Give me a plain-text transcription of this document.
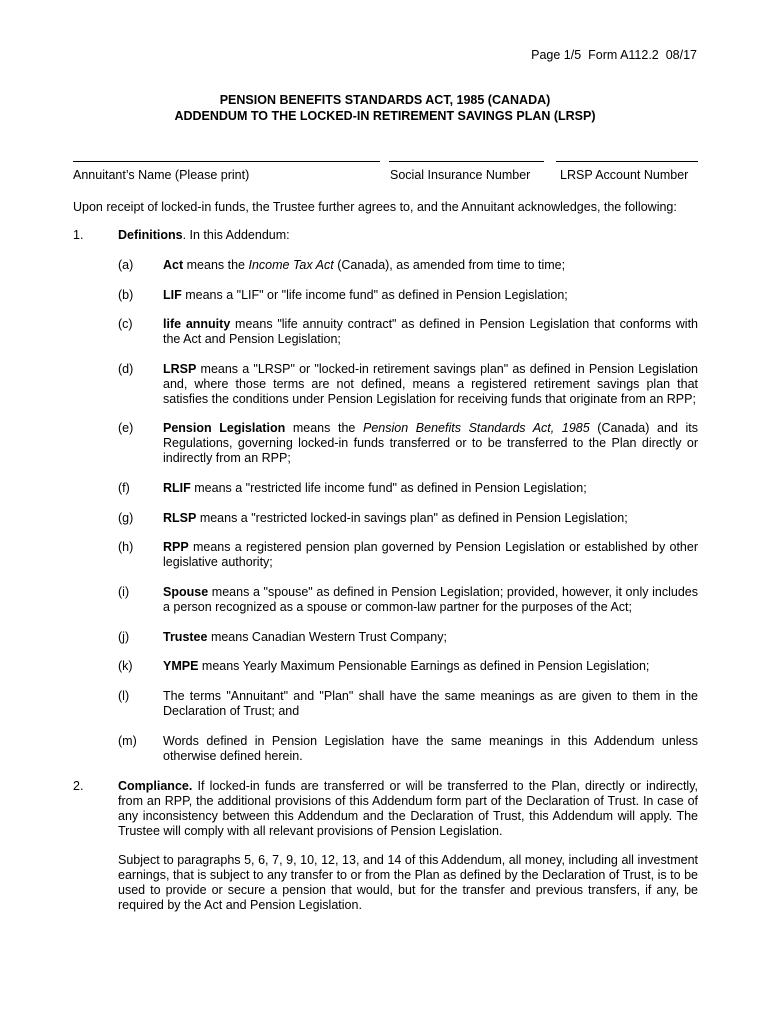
Page 1/5 Form A112.2 08/17
PENSION BENEFITS STANDARDS ACT, 1985 (CANADA)
ADDENDUM TO THE LOCKED-IN RETIREMENT SAVINGS PLAN (LRSP)
Annuitant’s Name (Please print)	Social Insurance Number LRSP Account Number
Upon receipt of locked-in funds, the Trustee further agrees to, and the Annuitant acknowledges, the following:
1.	Definitions. In this Addendum:
(a) Act means the Income Tax Act (Canada), as amended from time to time;
(b) LIF means a "LIF" or "life income fund" as defined in Pension Legislation;
(c) life annuity means "life annuity contract" as defined in Pension Legislation that conforms with the Act and Pension Legislation;
(d) LRSP means a "LRSP" or "locked-in retirement savings plan" as defined in Pension Legislation and, where those terms are not defined, means a registered retirement savings plan that satisfies the conditions under Pension Legislation for receiving funds that originate from an RPP;
(e) Pension Legislation means the Pension Benefits Standards Act, 1985 (Canada) and its Regulations, governing locked-in funds transferred or to be transferred to the Plan directly or indirectly from an RPP;
(f)	RLIF means a "restricted life income fund" as defined in Pension Legislation;
(g) RLSP means a "restricted locked-in savings plan" as defined in Pension Legislation;
(h) RPP means a registered pension plan governed by Pension Legislation or established by other legislative authority;
(i)	Spouse means a "spouse" as defined in Pension Legislation; provided, however, it only includes a person recognized as a spouse or common-law partner for the purposes of the Act;
(j)	Trustee means Canadian Western Trust Company;
(k) YMPE means Yearly Maximum Pensionable Earnings as defined in Pension Legislation;
(l)	The terms "Annuitant" and "Plan" shall have the same meanings as are given to them in the Declaration of Trust; and
(m) Words defined in Pension Legislation have the same meanings in this Addendum unless otherwise defined herein.
2.	Compliance. If locked-in funds are transferred or will be transferred to the Plan, directly or indirectly, from an RPP, the additional provisions of this Addendum form part of the Declaration of Trust. In case of any inconsistency between this Addendum and the Declaration of Trust, this Addendum will apply. The Trustee will comply with all relevant provisions of Pension Legislation.
Subject to paragraphs 5, 6, 7, 9, 10, 12, 13, and 14 of this Addendum, all money, including all investment earnings, that is subject to any transfer to or from the Plan as defined by the Declaration of Trust, is to be used to provide or secure a pension that would, but for the transfer and previous transfers, if any, be required by the Act and Pension Legislation.
